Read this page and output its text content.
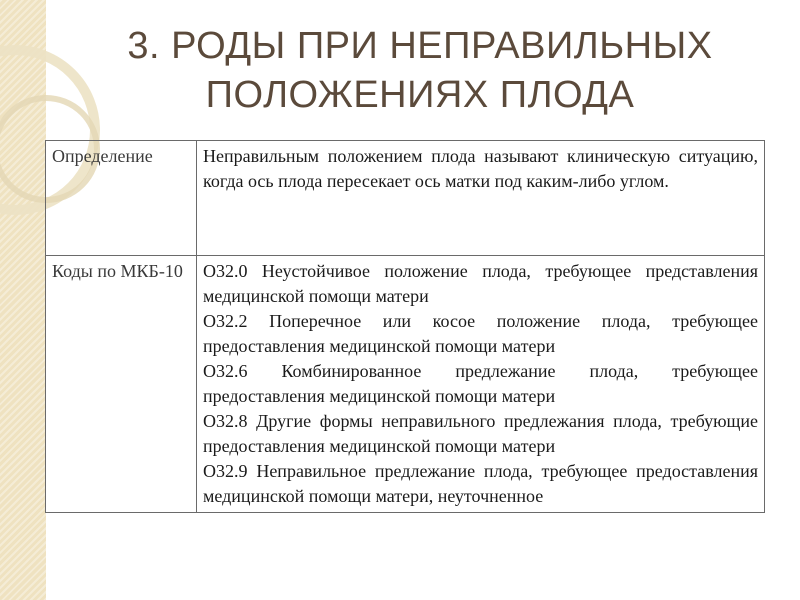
3. РОДЫ ПРИ НЕПРАВИЛЬНЫХ
ПОЛОЖЕНИЯХ ПЛОДА
Определение	Неправильным положением плода называют клиническую ситуацию, когда ось плода пересекает ось матки под каким-либо углом.
Коды по МКБ-10	О32.0 Неустойчивое положение плода, требующее представления медицинской помощи матери
О32.2 Поперечное или косое положение плода, требующее предоставления медицинской помощи матери
О32.6 Комбинированное предлежание плода, требующее предоставления медицинской помощи матери
О32.8 Другие формы неправильного предлежания плода, требующие предоставления медицинской помощи матери
О32.9 Неправильное предлежание плода, требующее предоставления медицинской помощи матери, неуточненное
